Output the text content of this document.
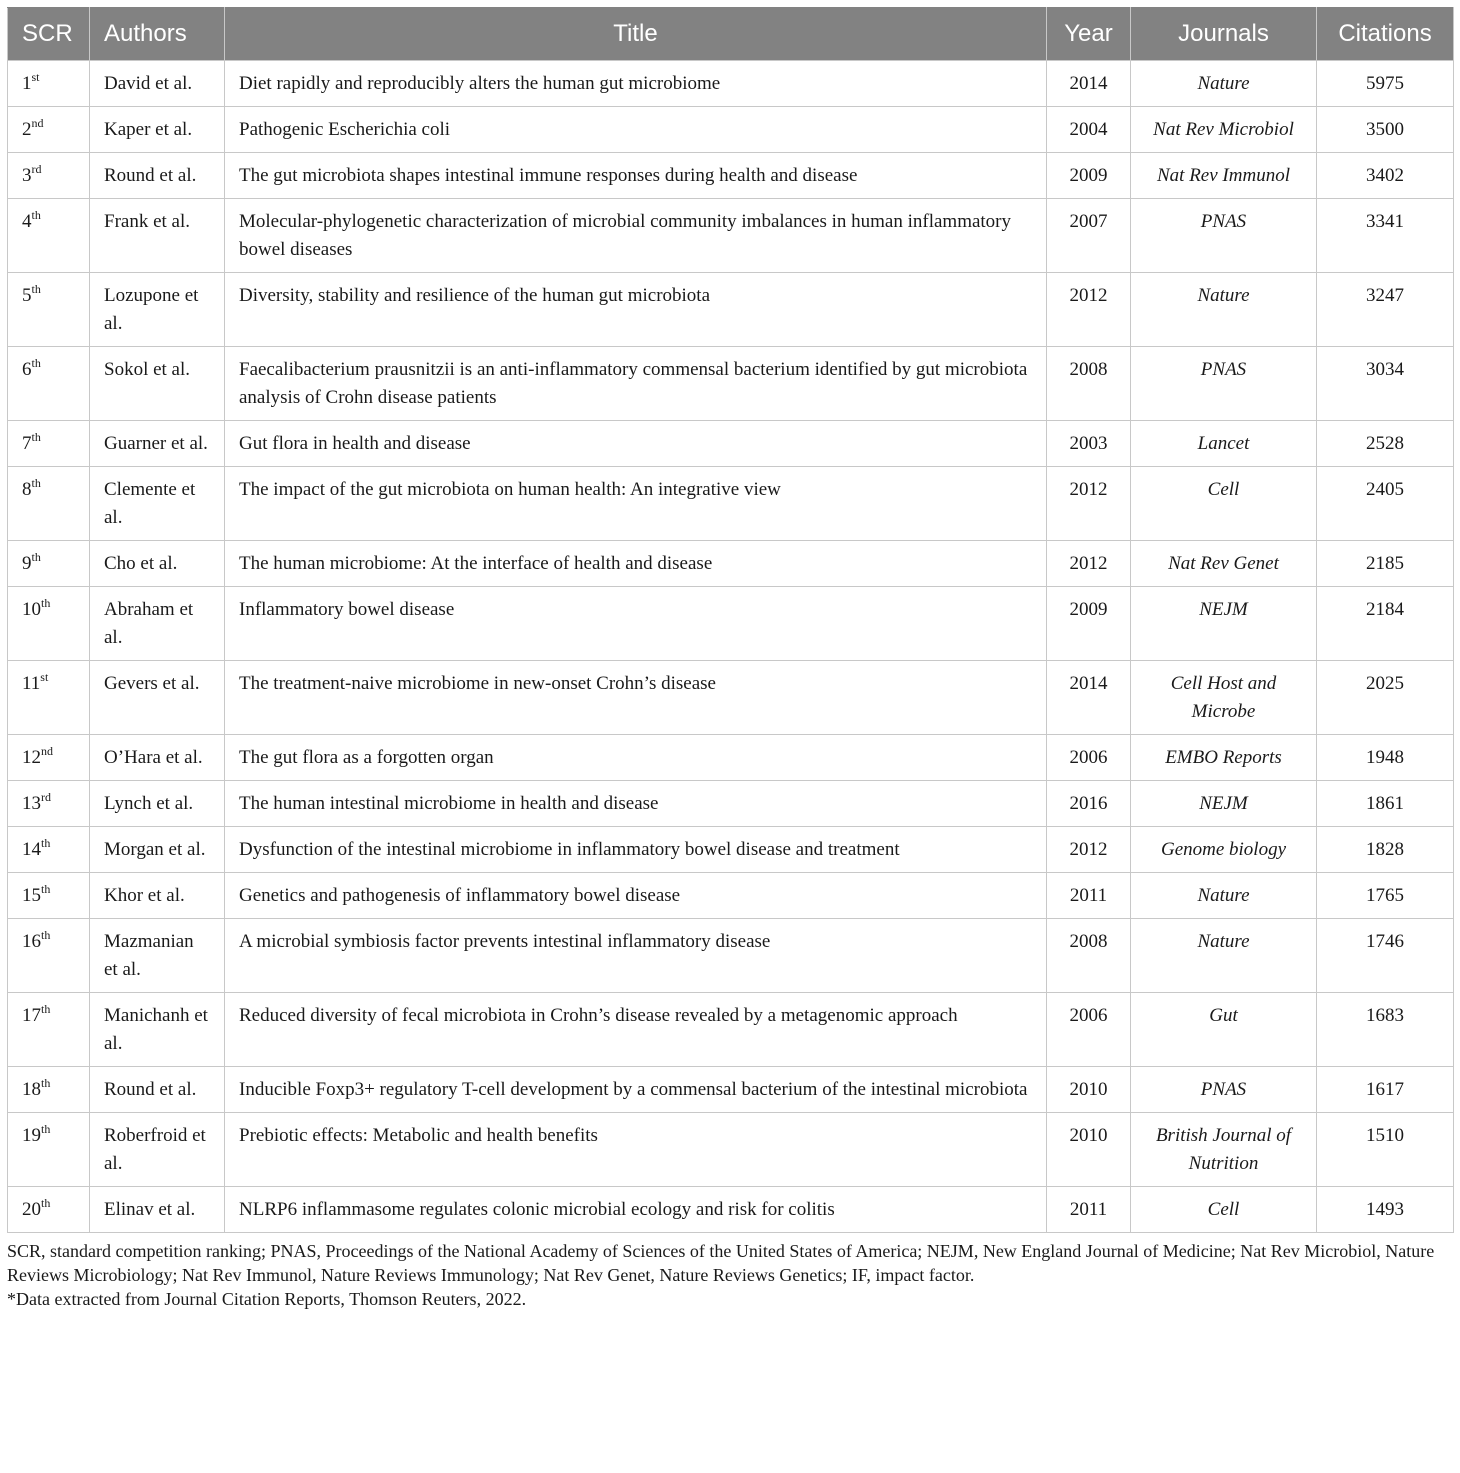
SCR	Authors	Title	Year	Journals	Citations
1st	David et al.	Diet rapidly and reproducibly alters the human gut microbiome	2014	Nature	5975
2nd	Kaper et al.	Pathogenic Escherichia coli	2004	Nat Rev Microbiol	3500
3rd	Round et al.	The gut microbiota shapes intestinal immune responses during health and disease	2009	Nat Rev Immunol	3402
4th	Frank et al.	Molecular-phylogenetic characterization of microbial community imbalances in human inflammatory bowel diseases	2007	PNAS	3341
5th	Lozupone et al.	Diversity, stability and resilience of the human gut microbiota	2012	Nature	3247
6th	Sokol et al.	Faecalibacterium prausnitzii is an anti-inflammatory commensal bacterium identified by gut microbiota analysis of Crohn disease patients	2008	PNAS	3034
7th	Guarner et al.	Gut flora in health and disease	2003	Lancet	2528
8th	Clemente et al.	The impact of the gut microbiota on human health: An integrative view	2012	Cell	2405
9th	Cho et al.	The human microbiome: At the interface of health and disease	2012	Nat Rev Genet	2185
10th	Abraham et al.	Inflammatory bowel disease	2009	NEJM	2184
11st	Gevers et al.	The treatment-naive microbiome in new-onset Crohn’s disease	2014	Cell Host and Microbe	2025
12nd	O’Hara et al.	The gut flora as a forgotten organ	2006	EMBO Reports	1948
13rd	Lynch et al.	The human intestinal microbiome in health and disease	2016	NEJM	1861
14th	Morgan et al.	Dysfunction of the intestinal microbiome in inflammatory bowel disease and treatment	2012	Genome biology	1828
15th	Khor et al.	Genetics and pathogenesis of inflammatory bowel disease	2011	Nature	1765
16th	Mazmanian et al.	A microbial symbiosis factor prevents intestinal inflammatory disease	2008	Nature	1746
17th	Manichanh et al.	Reduced diversity of fecal microbiota in Crohn’s disease revealed by a metagenomic approach	2006	Gut	1683
18th	Round et al.	Inducible Foxp3+ regulatory T-cell development by a commensal bacterium of the intestinal microbiota	2010	PNAS	1617
19th	Roberfroid et al.	Prebiotic effects: Metabolic and health benefits	2010	British Journal of Nutrition	1510
20th	Elinav et al.	NLRP6 inflammasome regulates colonic microbial ecology and risk for colitis	2011	Cell	1493
SCR, standard competition ranking; PNAS, Proceedings of the National Academy of Sciences of the United States of America; NEJM, New England Journal of Medicine; Nat Rev Microbiol, Nature Reviews Microbiology; Nat Rev Immunol, Nature Reviews Immunology; Nat Rev Genet, Nature Reviews Genetics; IF, impact factor.
*Data extracted from Journal Citation Reports, Thomson Reuters, 2022.
